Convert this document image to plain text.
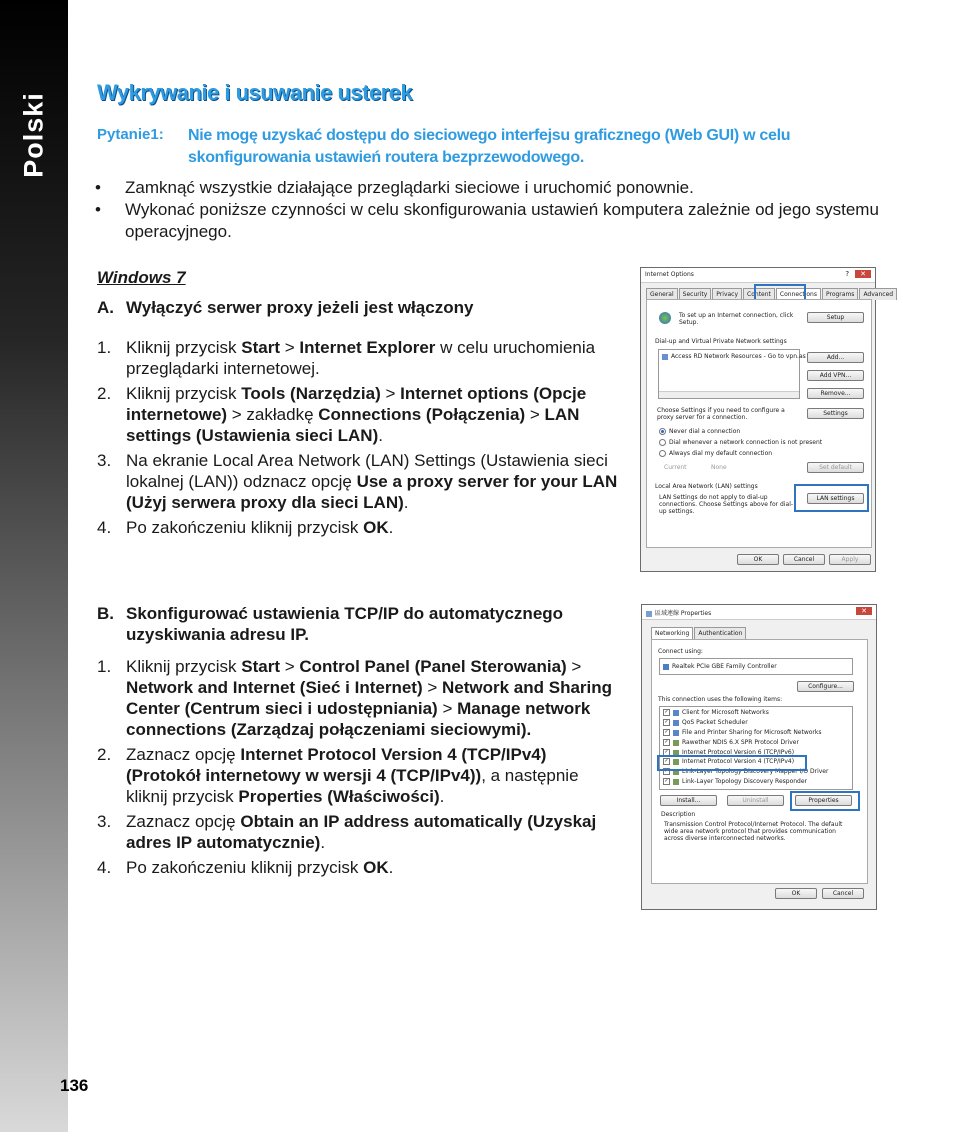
Polski
136
Wykrywanie i usuwanie usterek
Pytanie1: Nie mogę uzyskać dostępu do sieciowego interfejsu graficznego (Web GUI) w celu skonfigurowania ustawień routera bezprzewodowego.
• Zamknąć wszystkie działające przeglądarki sieciowe i uruchomić ponownie.
• Wykonać poniższe czynności w celu skonfigurowania ustawień komputera zależnie od jego systemu operacyjnego.
Windows 7
A. Wyłączyć serwer proxy jeżeli jest włączony
1. Kliknij przycisk Start > Internet Explorer w celu uruchomienia przeglądarki internetowej.
2. Kliknij przycisk Tools (Narzędzia) > Internet options (Opcje internetowe) > zakładkę Connections (Połączenia) > LAN settings (Ustawienia sieci LAN).
3. Na ekranie Local Area Network (LAN) Settings (Ustawienia sieci lokalnej (LAN)) odznacz opcję Use a proxy server for your LAN (Użyj serwera proxy dla sieci LAN).
4. Po zakończeniu kliknij przycisk OK.
B. Skonfigurować ustawienia TCP/IP do automatycznego uzyskiwania adresu IP.
1. Kliknij przycisk Start > Control Panel (Panel Sterowania) > Network and Internet (Sieć i Internet) > Network and Sharing Center (Centrum sieci i udostępniania) > Manage network connections (Zarządzaj połączeniami sieciowymi).
2. Zaznacz opcję Internet Protocol Version 4 (TCP/IPv4) (Protokół internetowy w wersji 4 (TCP/IPv4)), a następnie kliknij przycisk Properties (Właściwości).
3. Zaznacz opcję Obtain an IP address automatically (Uzyskaj adres IP automatycznie).
4. Po zakończeniu kliknij przycisk OK.
Internet Options	?	✕
General	Security	Privacy	Content	Connections	Programs	Advanced
To set up an Internet connection, click Setup.
Setup
Dial-up and Virtual Private Network settings
Access RD Network Resources - Go to vpn.as	Add...
Add VPN...
Remove...
Choose Settings if you need to configure a proxy server for a connection.
Settings
Never dial a connection
Dial whenever a network connection is not present
Always dial my default connection
Current	None	Set default
Local Area Network (LAN) settings
LAN Settings do not apply to dial-up connections. Choose Settings above for dial-up settings.
LAN settings
OK	Cancel	Apply
區域連線 Properties	✕
Networking	Authentication
Connect using:
Realtek PCIe GBE Family Controller
Configure...
This connection uses the following items:
✓ Client for Microsoft Networks
✓ QoS Packet Scheduler
✓ File and Printer Sharing for Microsoft Networks
✓ Rawether NDIS 6.X SPR Protocol Driver
✓ Internet Protocol Version 6 (TCP/IPv6)
✓ Internet Protocol Version 4 (TCP/IPv4)
✓ Link-Layer Topology Discovery Mapper I/O Driver
✓ Link-Layer Topology Discovery Responder
Install...	Uninstall	Properties
Description
Transmission Control Protocol/Internet Protocol. The default wide area network protocol that provides communication across diverse interconnected networks.
OK	Cancel
